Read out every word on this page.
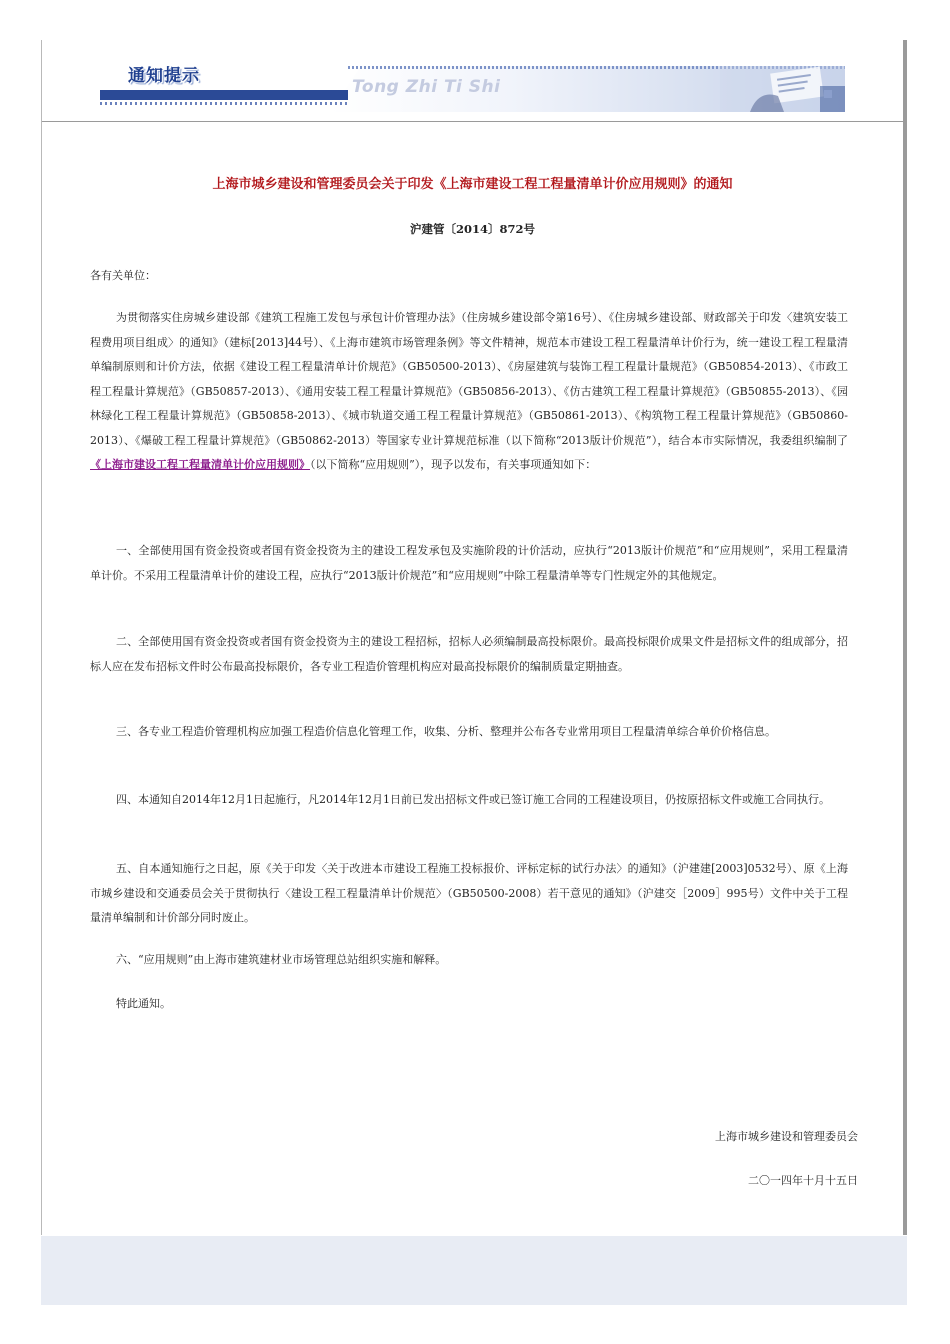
通知提示
Tong Zhi Ti Shi
上海市城乡建设和管理委员会关于印发《上海市建设工程工程量清单计价应用规则》的通知

沪建管〔2014〕872号

各有关单位：

为贯彻落实住房城乡建设部《建筑工程施工发包与承包计价管理办法》（住房城乡建设部令第16号）、《住房城乡建设部、财政部关于印发〈建筑安装工程费用项目组成〉的通知》（建标[2013]44号）、《上海市建筑市场管理条例》等文件精神，规范本市建设工程工程量清单计价行为，统一建设工程工程量清单编制原则和计价方法，依据《建设工程工程量清单计价规范》（GB50500-2013）、《房屋建筑与装饰工程工程量计量规范》（GB50854-2013）、《市政工程工程量计算规范》（GB50857-2013）、《通用安装工程工程量计算规范》（GB50856-2013）、《仿古建筑工程工程量计算规范》（GB50855-2013）、《园林绿化工程工程量计算规范》（GB50858-2013）、《城市轨道交通工程工程量计算规范》（GB50861-2013）、《构筑物工程工程量计算规范》（GB50860-2013）、《爆破工程工程量计算规范》（GB50862-2013）等国家专业计算规范标准（以下简称“2013版计价规范”），结合本市实际情况，我委组织编制了《上海市建设工程工程量清单计价应用规则》（以下简称“应用规则”），现予以发布，有关事项通知如下：

一、全部使用国有资金投资或者国有资金投资为主的建设工程发承包及实施阶段的计价活动，应执行“2013版计价规范”和“应用规则”，采用工程量清单计价。不采用工程量清单计价的建设工程，应执行“2013版计价规范”和“应用规则”中除工程量清单等专门性规定外的其他规定。

二、全部使用国有资金投资或者国有资金投资为主的建设工程招标，招标人必须编制最高投标限价。最高投标限价成果文件是招标文件的组成部分，招标人应在发布招标文件时公布最高投标限价，各专业工程造价管理机构应对最高投标限价的编制质量定期抽查。

三、各专业工程造价管理机构应加强工程造价信息化管理工作，收集、分析、整理并公布各专业常用项目工程量清单综合单价价格信息。

四、本通知自2014年12月1日起施行，凡2014年12月1日前已发出招标文件或已签订施工合同的工程建设项目，仍按原招标文件或施工合同执行。

五、自本通知施行之日起，原《关于印发〈关于改进本市建设工程施工投标报价、评标定标的试行办法〉的通知》（沪建建[2003]0532号）、原《上海市城乡建设和交通委员会关于贯彻执行〈建设工程工程量清单计价规范〉（GB50500-2008）若干意见的通知》（沪建交［2009］995号）文件中关于工程量清单编制和计价部分同时废止。

六、“应用规则”由上海市建筑建材业市场管理总站组织实施和解释。

特此通知。

上海市城乡建设和管理委员会

二〇一四年十月十五日
